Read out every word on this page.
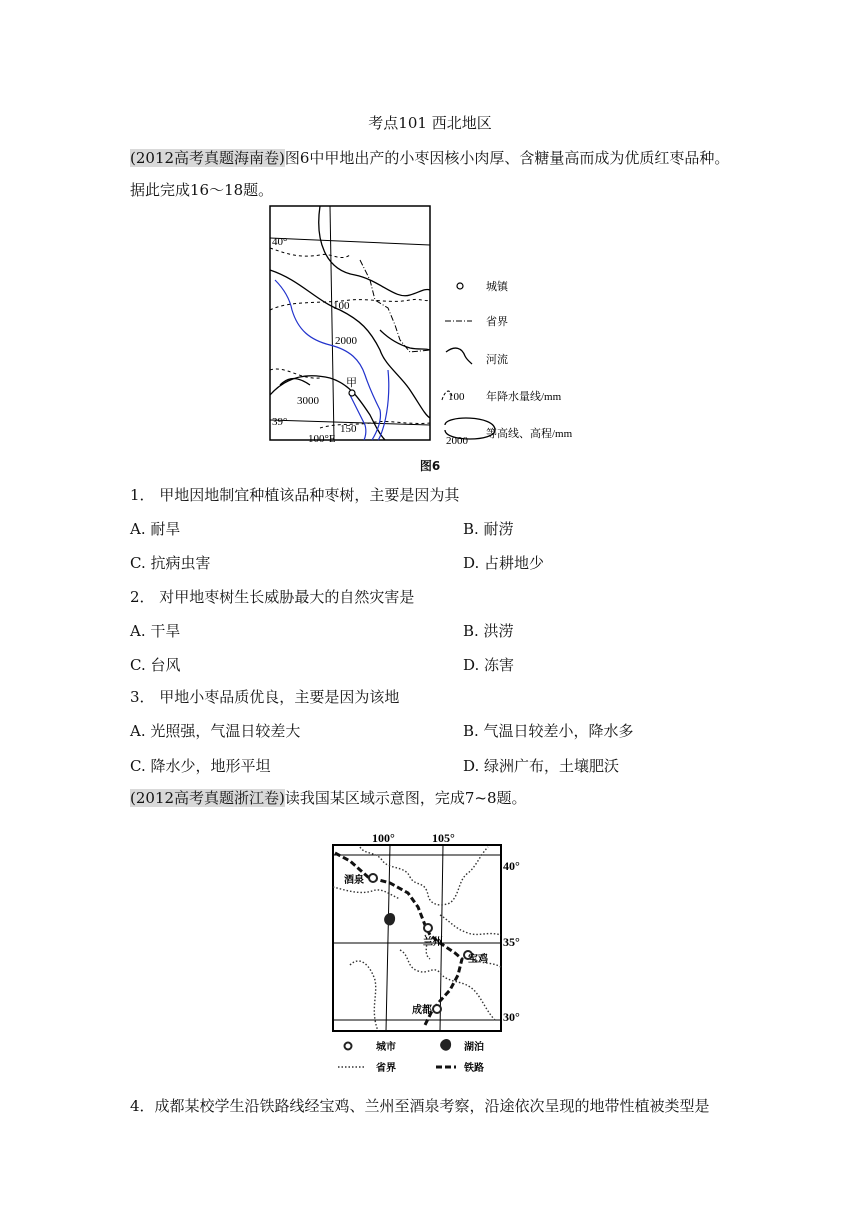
考点101 西北地区
(2012高考真题海南卷)图6中甲地出产的小枣因核小肉厚、含糖量高而成为优质红枣品种。
据此完成16～18题。
甲
40°
39°
100°E
100
150
2000
3000
城镇
省界
河流
100 年降水量线/mm
2000
等高线、高程/mm
图6
1． 甲地因地制宜种植该品种枣树，主要是因为其
A. 耐旱	B. 耐涝
C. 抗病虫害	D. 占耕地少
2． 对甲地枣树生长威胁最大的自然灾害是
A. 干旱	B. 洪涝
C. 台风	D. 冻害
3． 甲地小枣品质优良，主要是因为该地
A. 光照强，气温日较差大	B. 气温日较差小，降水多
C. 降水少，地形平坦	D. 绿洲广布，土壤肥沃
(2012高考真题浙江卷)读我国某区域示意图，完成7~8题。
100°	105°
40°
35°
30°
酒泉
兰州
宝鸡
成都
城市	湖泊
省界	铁路
4．成都某校学生沿铁路线经宝鸡、兰州至酒泉考察，沿途依次呈现的地带性植被类型是
